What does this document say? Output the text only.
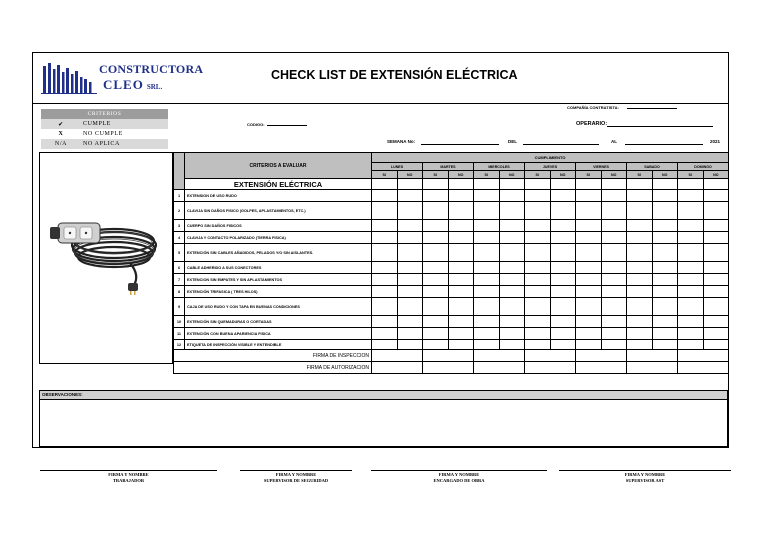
CONSTRUCTORA
CLEO SRL.
CHECK LIST DE EXTENSIÓN ELÉCTRICA
COMPAÑÍA CONTRATISTA:
CRITERIOS	
✔	CUMPLE
X	NO CUMPLE
N/A	NO APLICA
CODIGO:	OPERARIO:
SEMANA No:	DEL	AL	2021
	CRITERIOS A EVALUAR	CUMPLIMIENTO													
		LUNES		MARTES		MIERCOLES		JUEVES		VIERNES		SABADO		DOMINGO	
		SI	NO	SI	NO	SI	NO	SI	NO	SI	NO	SI	NO	SI	NO
	EXTENSIÓN ELÉCTRICA														
1	EXTENSION DE USO RUDO														
2	CLAVIJA SIN DAÑOS FISICO (GOLPES, APLASTAMIENTOS, ETC.)														
3	CUERPO SIN DAÑOS FISICOS														
4	CLAVIJA Y CONTACTO POLARIZADO (TIERRA FISICA)														
5	EXTENCIÓN SIN CABLES AÑADIDOS, PELADOS Y/O SIN AISLANTES.														
6	CABLE ADHERIDO A SUS CONECTORES														
7	EXTENCION SIN EMPATES Y SIN APLASTAMIENTOS														
8	EXTENCIÓN TRIFASICA ( TRES HILOS)														
9	CAJA DE USO RUDO Y CON TAPA EN BUENAS CONDICIONES														
10	EXTENCIÓN SIN QUEMADURAS O CORTADAS														
11	EXTENCIÓN CON BUENA APARIENCIA FISICA														
12	ETIQUETA DE INSPECCIÓN VISIBLE Y ENTENDIBLE														
FIRMA DE INSPECCION															
FIRMA DE AUTORIZACION															
OBSERVACIONES:
FIRMA Y NOMBRE
TRABAJADOR
FIRMA Y NOMBRE
SUPERVISOR DE SEGURIDAD
FIRMA Y NOMBRE
ENCARGADO DE OBRA
FIRMA Y NOMBRE
SUPERVISOR AST
